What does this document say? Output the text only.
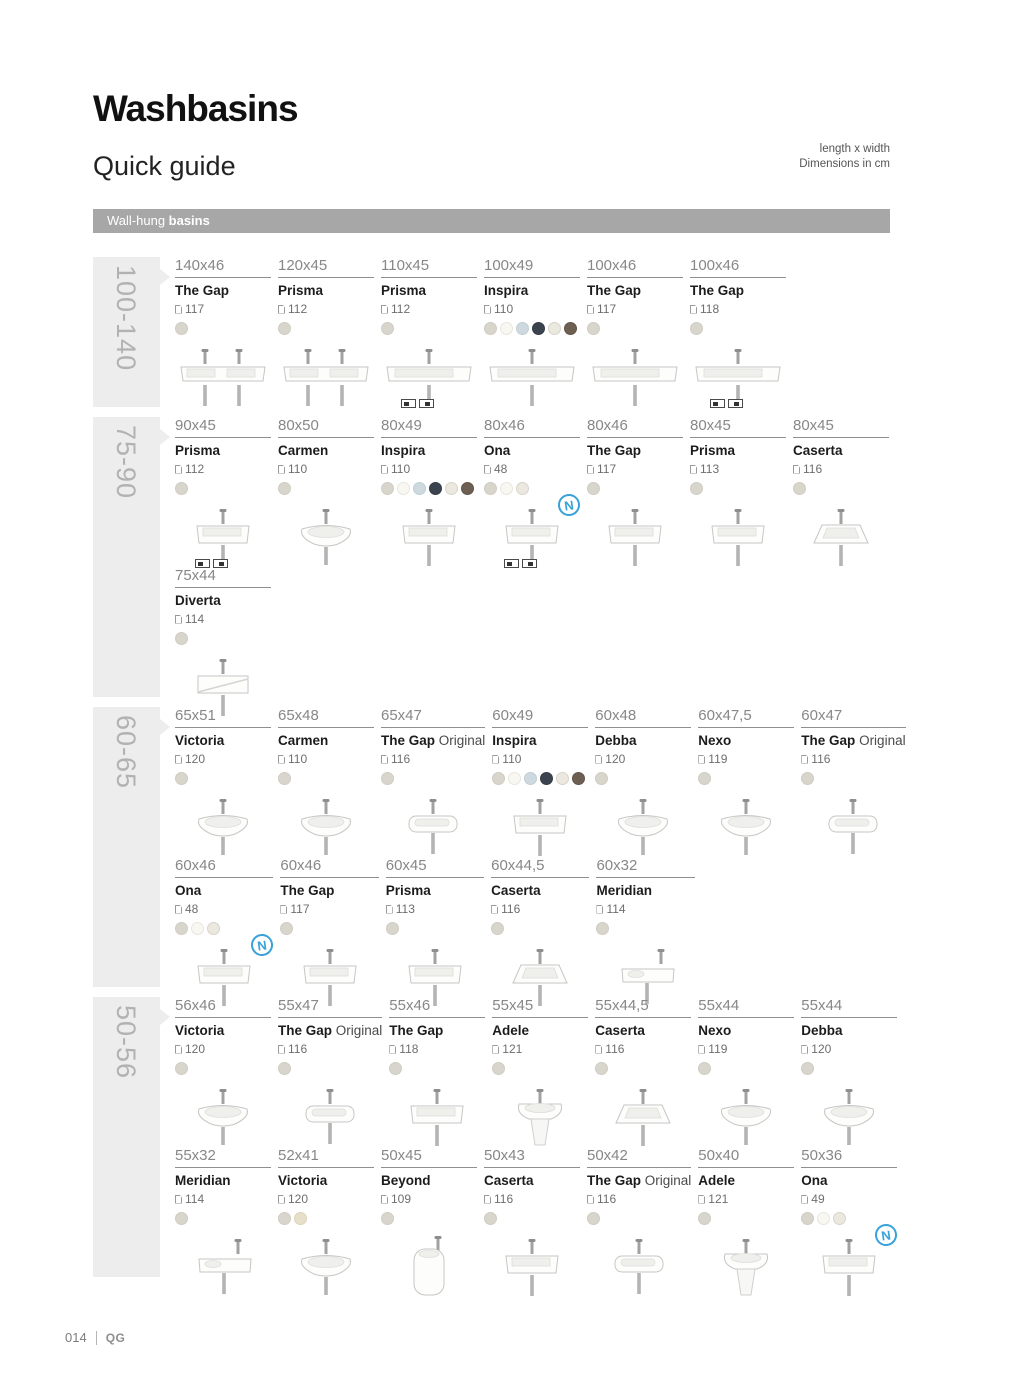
Washbasins
Quick guide
length x width
Dimensions in cm
Wall-hung basins
100-140	140x46
The Gap
117
120x45
Prisma
112
110x45
Prisma
112
100x49
Inspira
110
100x46
The Gap
117
100x46
The Gap
118
75-90	90x45
Prisma
112
80x50
Carmen
110
80x49
Inspira
110
80x46
Ona
48
N
80x46
The Gap
117
80x45
Prisma
113
80x45
Caserta
116
75x44
Diverta
114
60-65	65x51
Victoria
120
65x48
Carmen
110
65x47
The Gap Original
116
60x49
Inspira
110
60x48
Debba
120
60x47,5
Nexo
119
60x47
The Gap Original
116
60x46
Ona
48
N
60x46
The Gap
117
60x45
Prisma
113
60x44,5
Caserta
116
60x32
Meridian
114
50-56	56x46
Victoria
120
55x47
The Gap Original
116
55x46
The Gap
118
55x45
Adele
121
55x44,5
Caserta
116
55x44
Nexo
119
55x44
Debba
120
55x32
Meridian
114
52x41
Victoria
120
50x45
Beyond
109
50x43
Caserta
116
50x42
The Gap Original
116
50x40
Adele
121
50x36
Ona
49
N
014 QG
